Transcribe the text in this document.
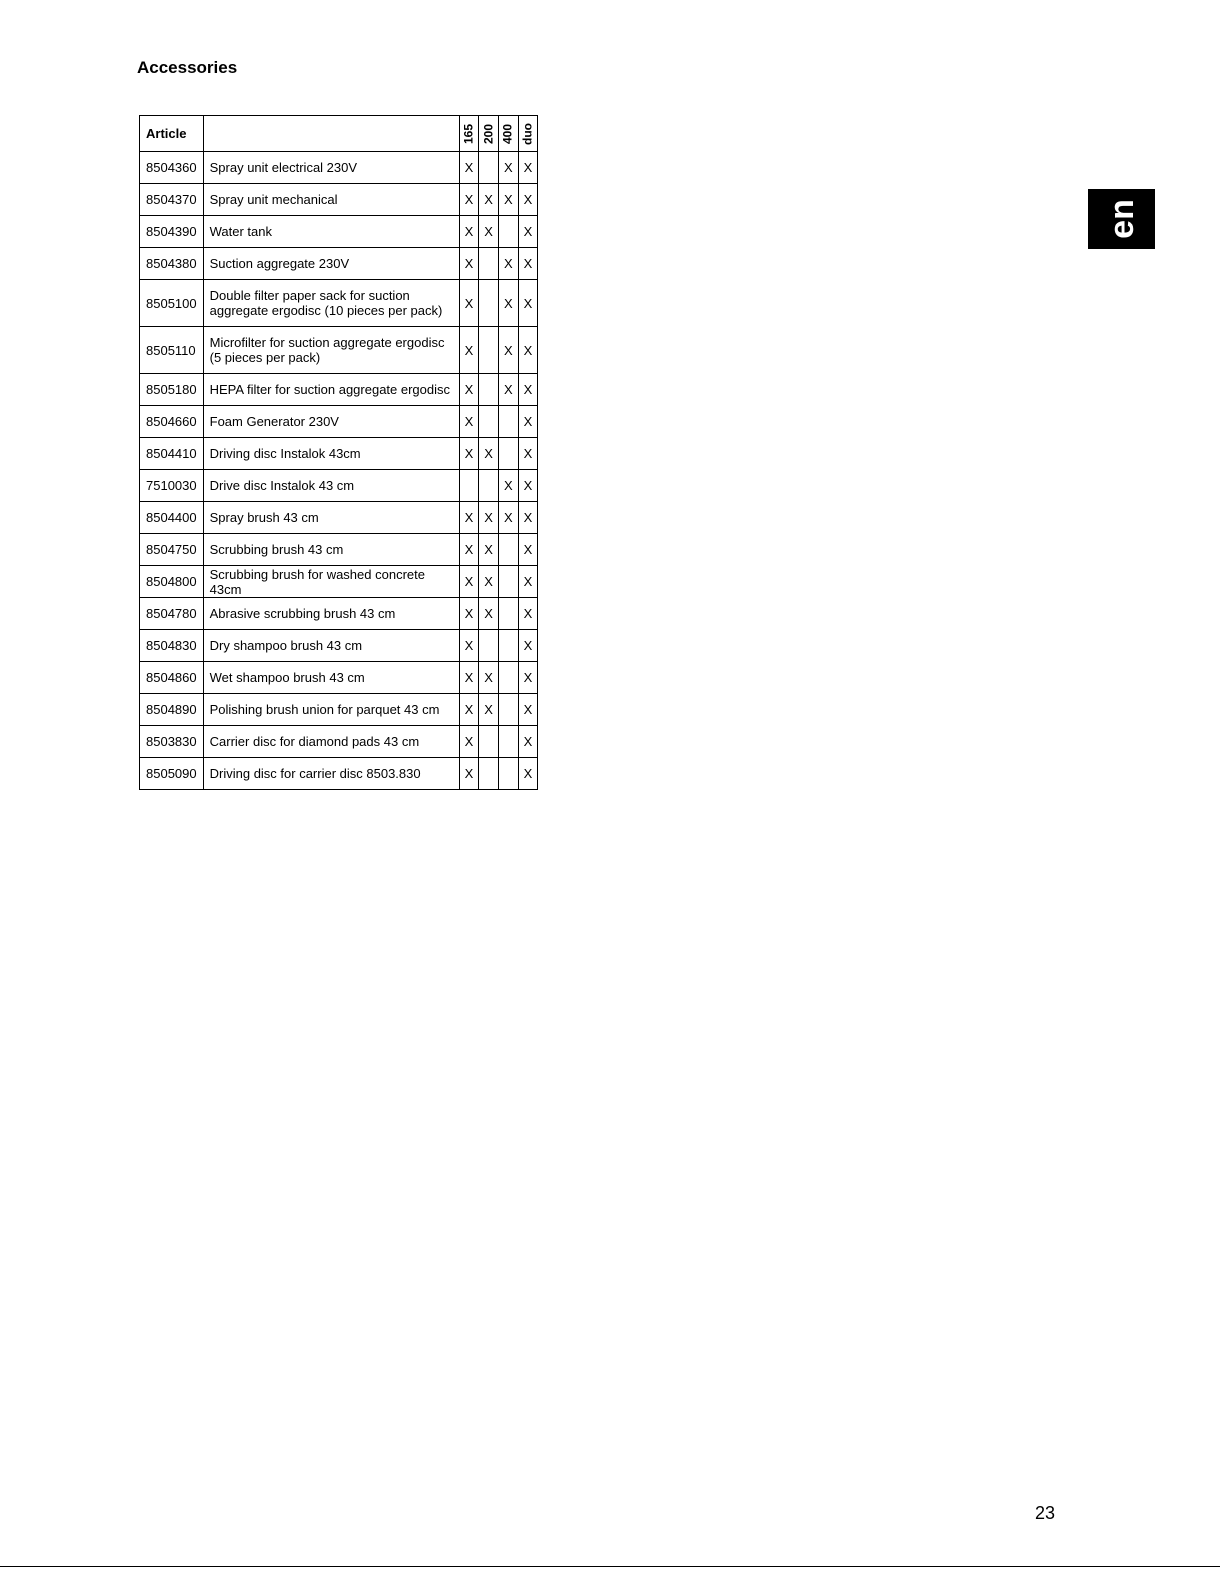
Accessories
Article		165	200	400	duo

8504360	Spray unit electrical 230V	X		X	X
8504370	Spray unit mechanical	X	X	X	X
8504390	Water tank	X	X		X
8504380	Suction aggregate 230V	X		X	X
8505100	Double filter paper sack for suction aggregate ergodisc (10 pieces per pack)	X		X	X
8505110	Microfilter for suction aggregate ergodisc (5 pieces per pack)	X		X	X
8505180	HEPA filter for suction aggregate ergodisc	X		X	X
8504660	Foam Generator 230V	X			X
8504410	Driving disc Instalok 43cm	X	X		X
7510030	Drive disc Instalok 43 cm			X	X
8504400	Spray brush 43 cm	X	X	X	X
8504750	Scrubbing brush 43 cm	X	X		X
8504800	Scrubbing brush for washed concrete 43cm	X	X		X
8504780	Abrasive scrubbing brush 43 cm	X	X		X
8504830	Dry shampoo brush 43 cm	X			X
8504860	Wet shampoo brush 43 cm	X	X		X
8504890	Polishing brush union for parquet 43 cm	X	X		X
8503830	Carrier disc for diamond pads 43 cm	X			X
8505090	Driving disc for carrier disc 8503.830	X			X
en
23
